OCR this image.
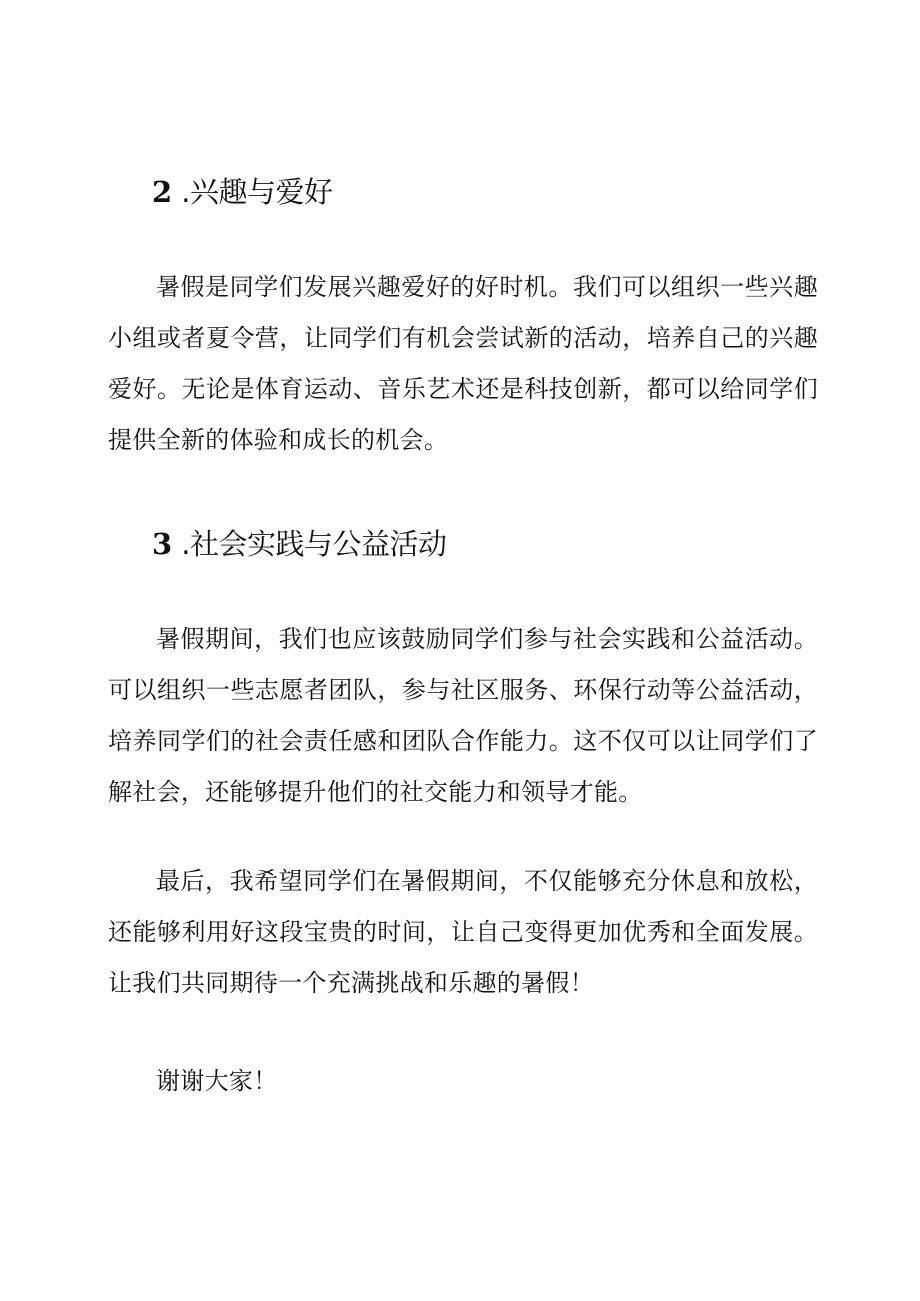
2 .兴趣与爱好

暑假是同学们发展兴趣爱好的好时机。我们可以组织一些兴趣小组或者夏令营，让同学们有机会尝试新的活动，培养自己的兴趣爱好。无论是体育运动、音乐艺术还是科技创新，都可以给同学们提供全新的体验和成长的机会。

3 .社会实践与公益活动

暑假期间，我们也应该鼓励同学们参与社会实践和公益活动。可以组织一些志愿者团队，参与社区服务、环保行动等公益活动，培养同学们的社会责任感和团队合作能力。这不仅可以让同学们了解社会，还能够提升他们的社交能力和领导才能。

最后，我希望同学们在暑假期间，不仅能够充分休息和放松，还能够利用好这段宝贵的时间，让自己变得更加优秀和全面发展。让我们共同期待一个充满挑战和乐趣的暑假！

谢谢大家！
